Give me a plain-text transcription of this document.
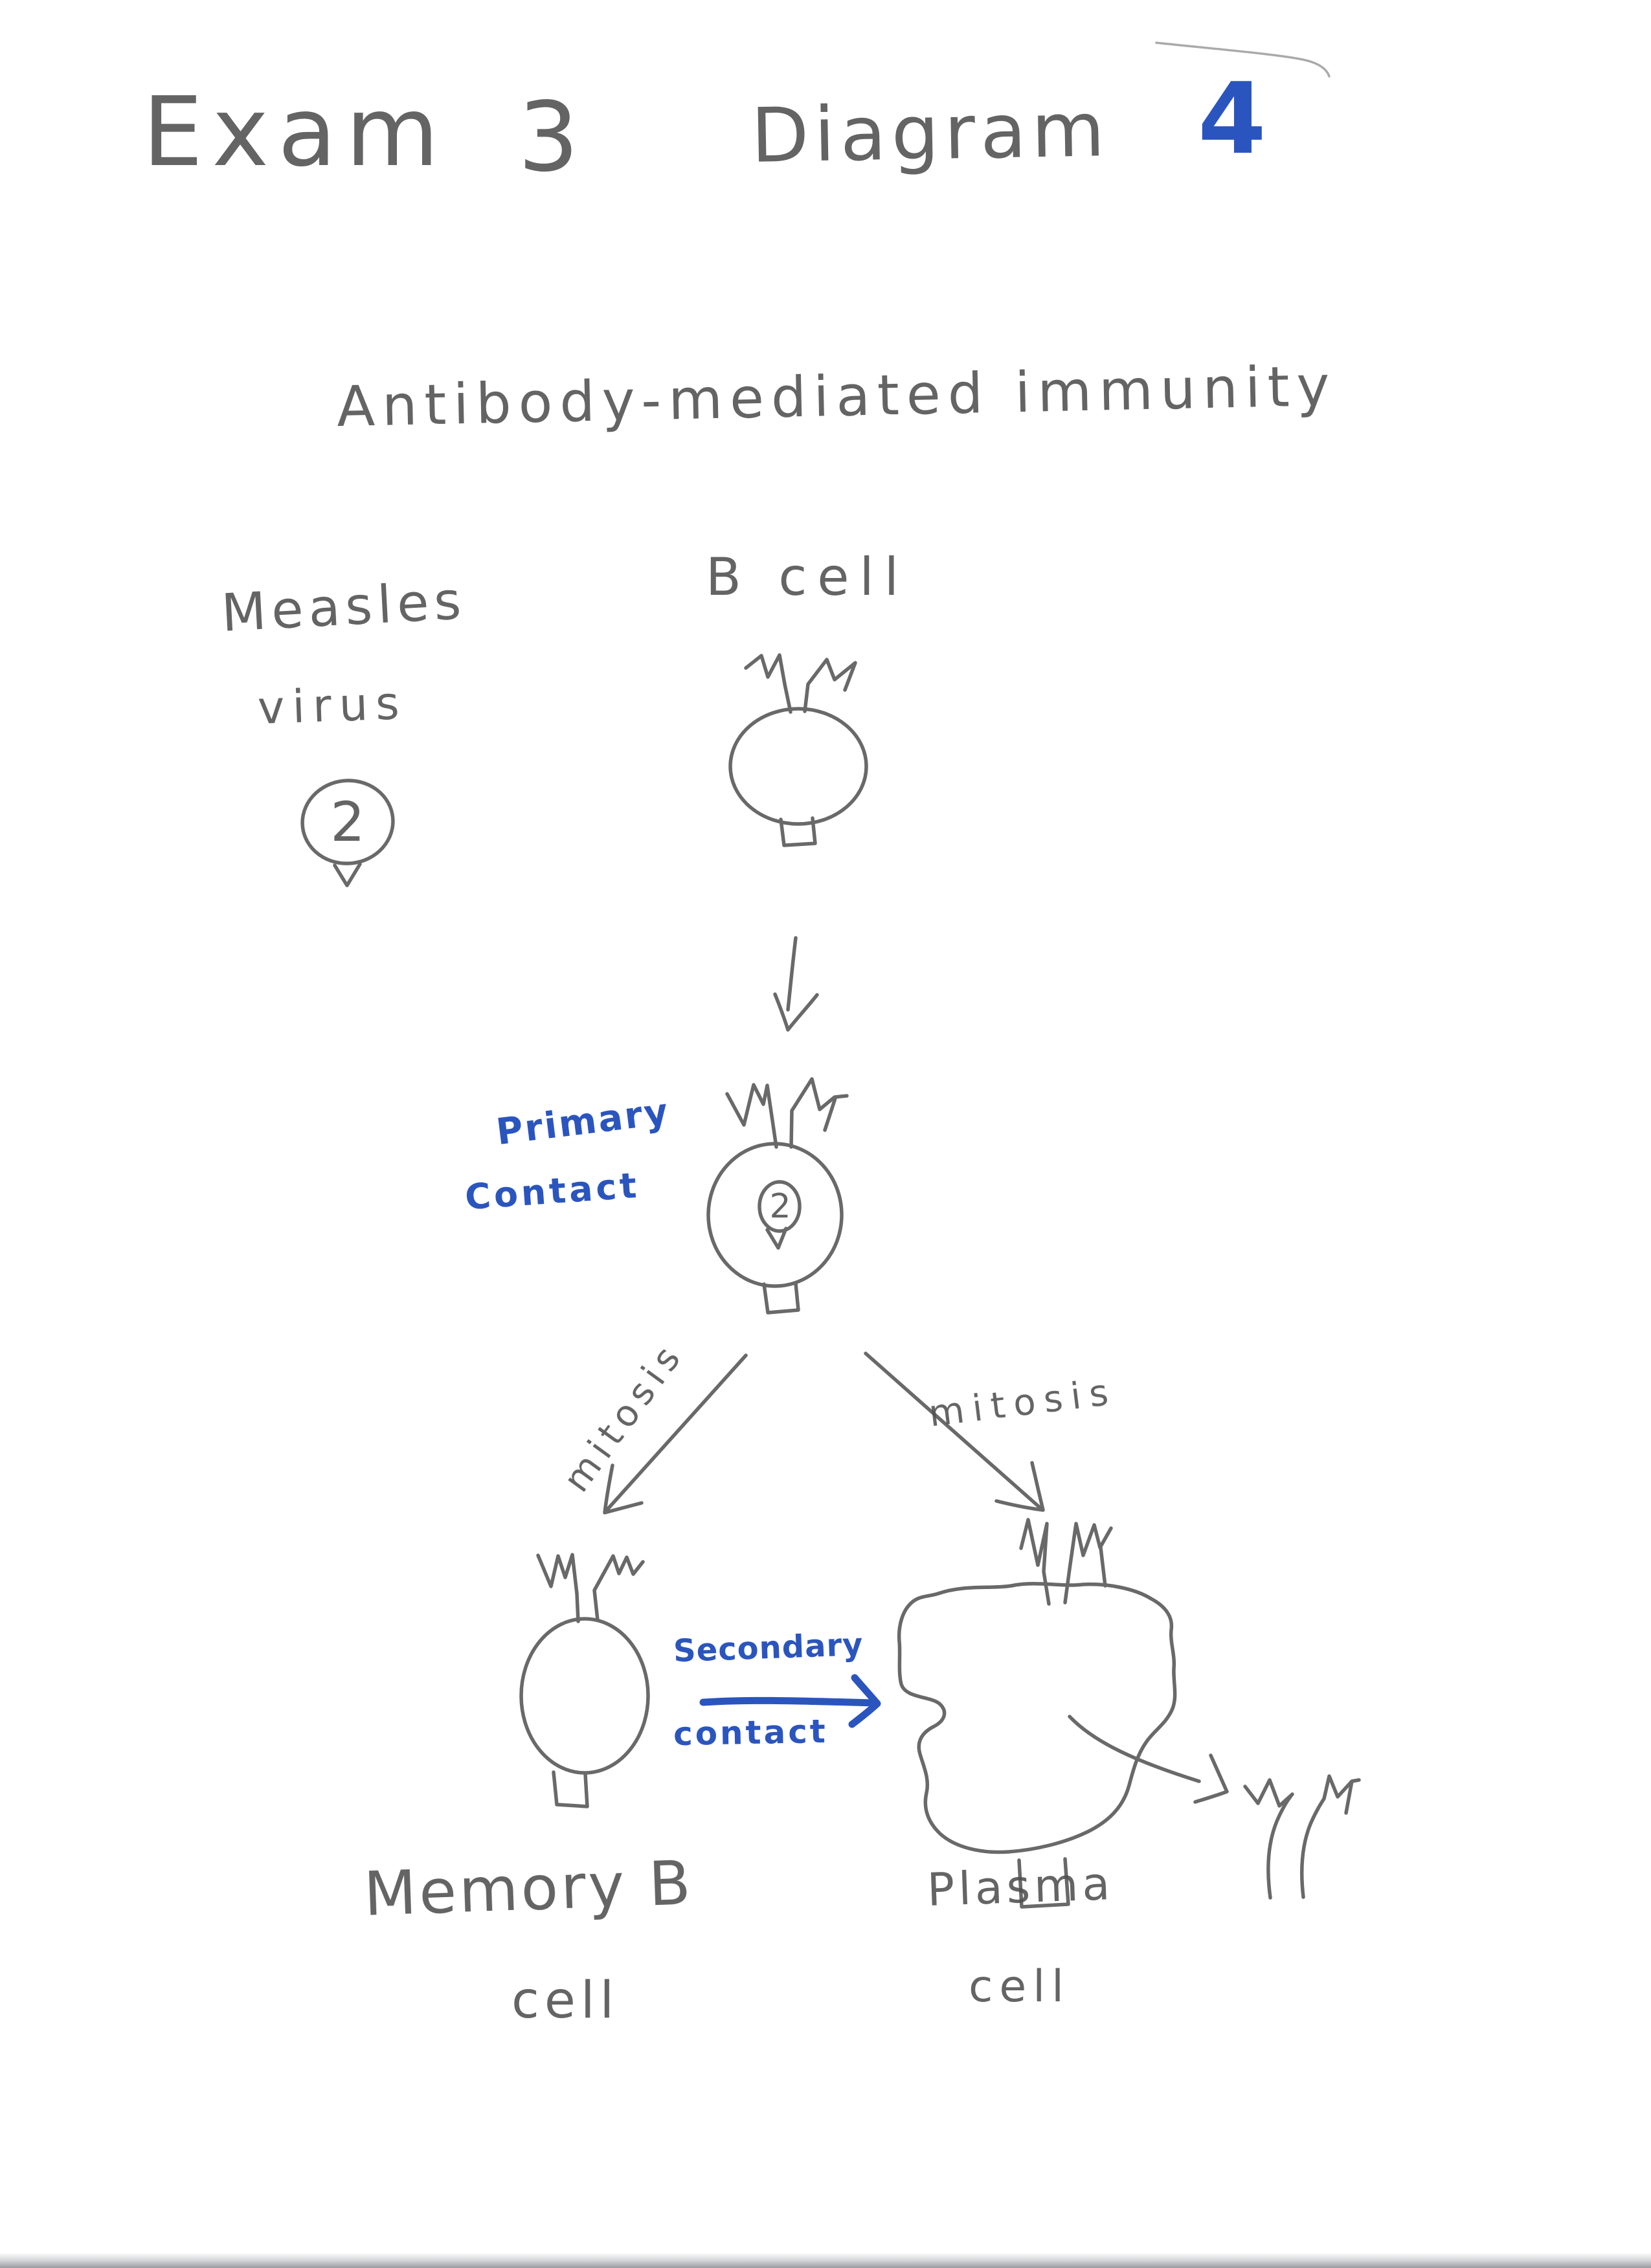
Exam 3 Diagram 4
Antibody-mediated immunity
Measles
virus
2
B cell
Primary
Contact	2
mitosis	mitosis
Secondary
contact
Memory B
cell
Plasma
cell
